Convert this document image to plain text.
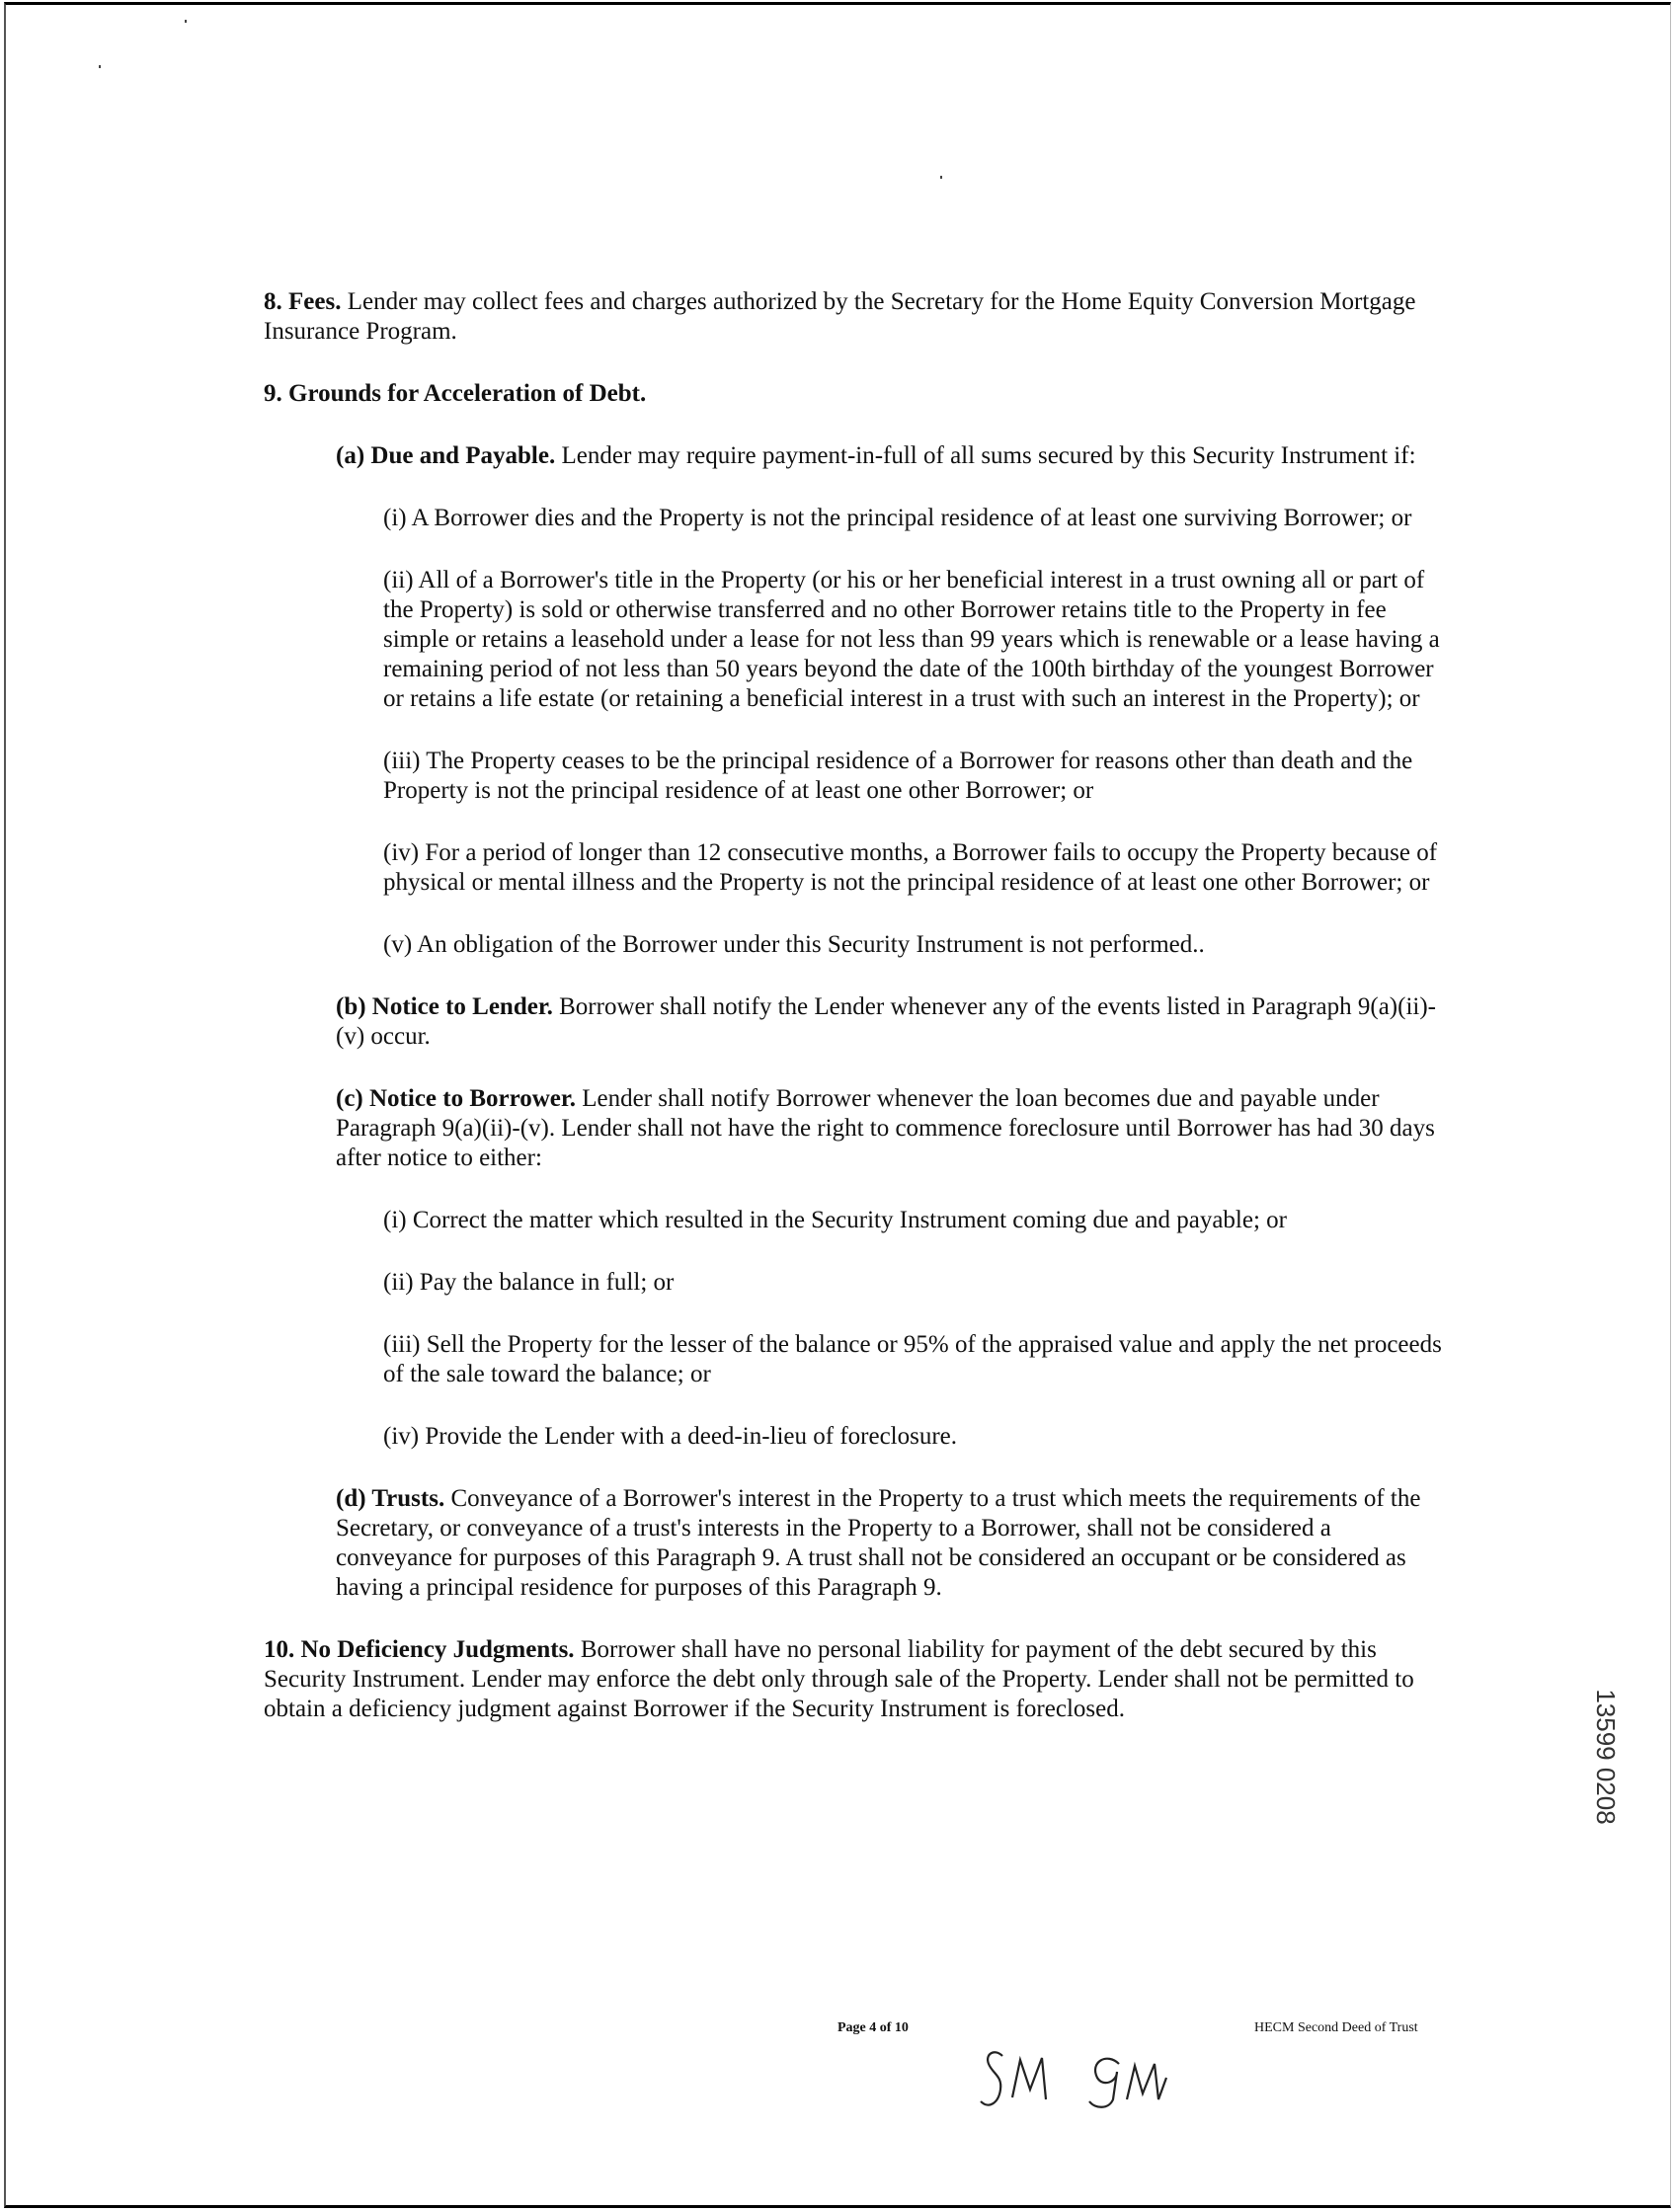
8. Fees. Lender may collect fees and charges authorized by the Secretary for the Home Equity Conversion Mortgage Insurance Program.

9. Grounds for Acceleration of Debt.

(a) Due and Payable. Lender may require payment-in-full of all sums secured by this Security Instrument if:

(i) A Borrower dies and the Property is not the principal residence of at least one surviving Borrower; or

(ii) All of a Borrower's title in the Property (or his or her beneficial interest in a trust owning all or part of the Property) is sold or otherwise transferred and no other Borrower retains title to the Property in fee simple or retains a leasehold under a lease for not less than 99 years which is renewable or a lease having a remaining period of not less than 50 years beyond the date of the 100th birthday of the youngest Borrower or retains a life estate (or retaining a beneficial interest in a trust with such an interest in the Property); or

(iii) The Property ceases to be the principal residence of a Borrower for reasons other than death and the Property is not the principal residence of at least one other Borrower; or

(iv) For a period of longer than 12 consecutive months, a Borrower fails to occupy the Property because of physical or mental illness and the Property is not the principal residence of at least one other Borrower; or

(v) An obligation of the Borrower under this Security Instrument is not performed..

(b) Notice to Lender. Borrower shall notify the Lender whenever any of the events listed in Paragraph 9(a)(ii)-(v) occur.

(c) Notice to Borrower. Lender shall notify Borrower whenever the loan becomes due and payable under Paragraph 9(a)(ii)-(v). Lender shall not have the right to commence foreclosure until Borrower has had 30 days after notice to either:

(i) Correct the matter which resulted in the Security Instrument coming due and payable; or

(ii) Pay the balance in full; or

(iii) Sell the Property for the lesser of the balance or 95% of the appraised value and apply the net proceeds of the sale toward the balance; or

(iv) Provide the Lender with a deed-in-lieu of foreclosure.

(d) Trusts. Conveyance of a Borrower's interest in the Property to a trust which meets the requirements of the Secretary, or conveyance of a trust's interests in the Property to a Borrower, shall not be considered a conveyance for purposes of this Paragraph 9. A trust shall not be considered an occupant or be considered as having a principal residence for purposes of this Paragraph 9.

10. No Deficiency Judgments. Borrower shall have no personal liability for payment of the debt secured by this Security Instrument. Lender may enforce the debt only through sale of the Property. Lender shall not be permitted to obtain a deficiency judgment against Borrower if the Security Instrument is foreclosed.

Page 4 of 10	HECM Second Deed of Trust
13599 0208
